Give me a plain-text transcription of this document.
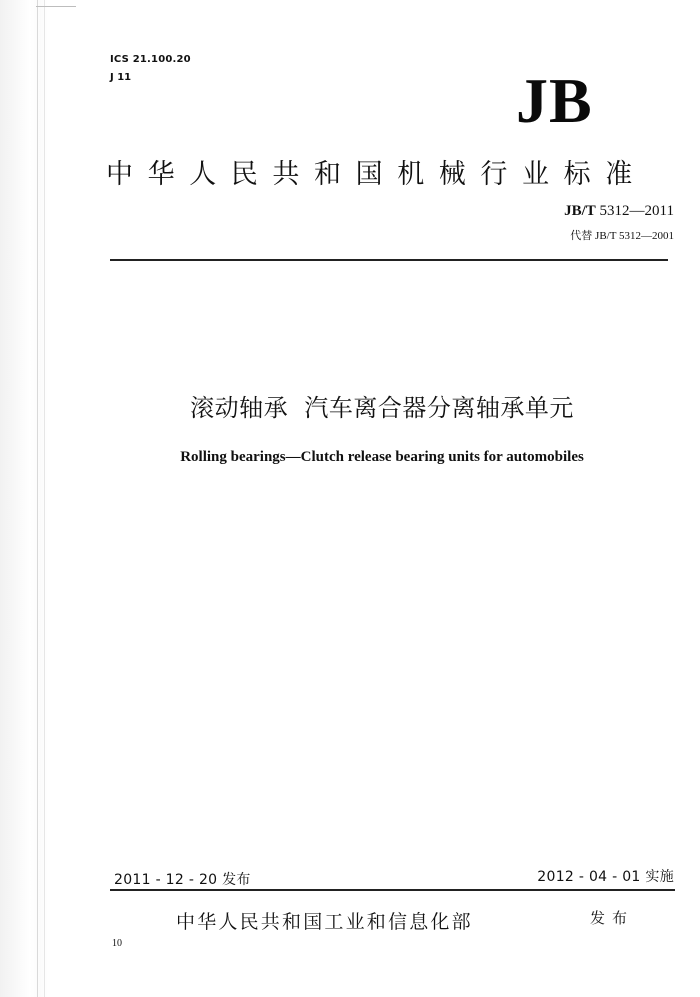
ICS 21.100.20
J 11	JB
中华人民共和国机械行业标准
JB/T 5312—2011
代替 JB/T 5312—2001
滚动轴承  汽车离合器分离轴承单元
Rolling bearings—Clutch release bearing units for automobiles
2011 - 12 - 20 发布	2012 - 04 - 01 实施
中华人民共和国工业和信息化部	发布
10
